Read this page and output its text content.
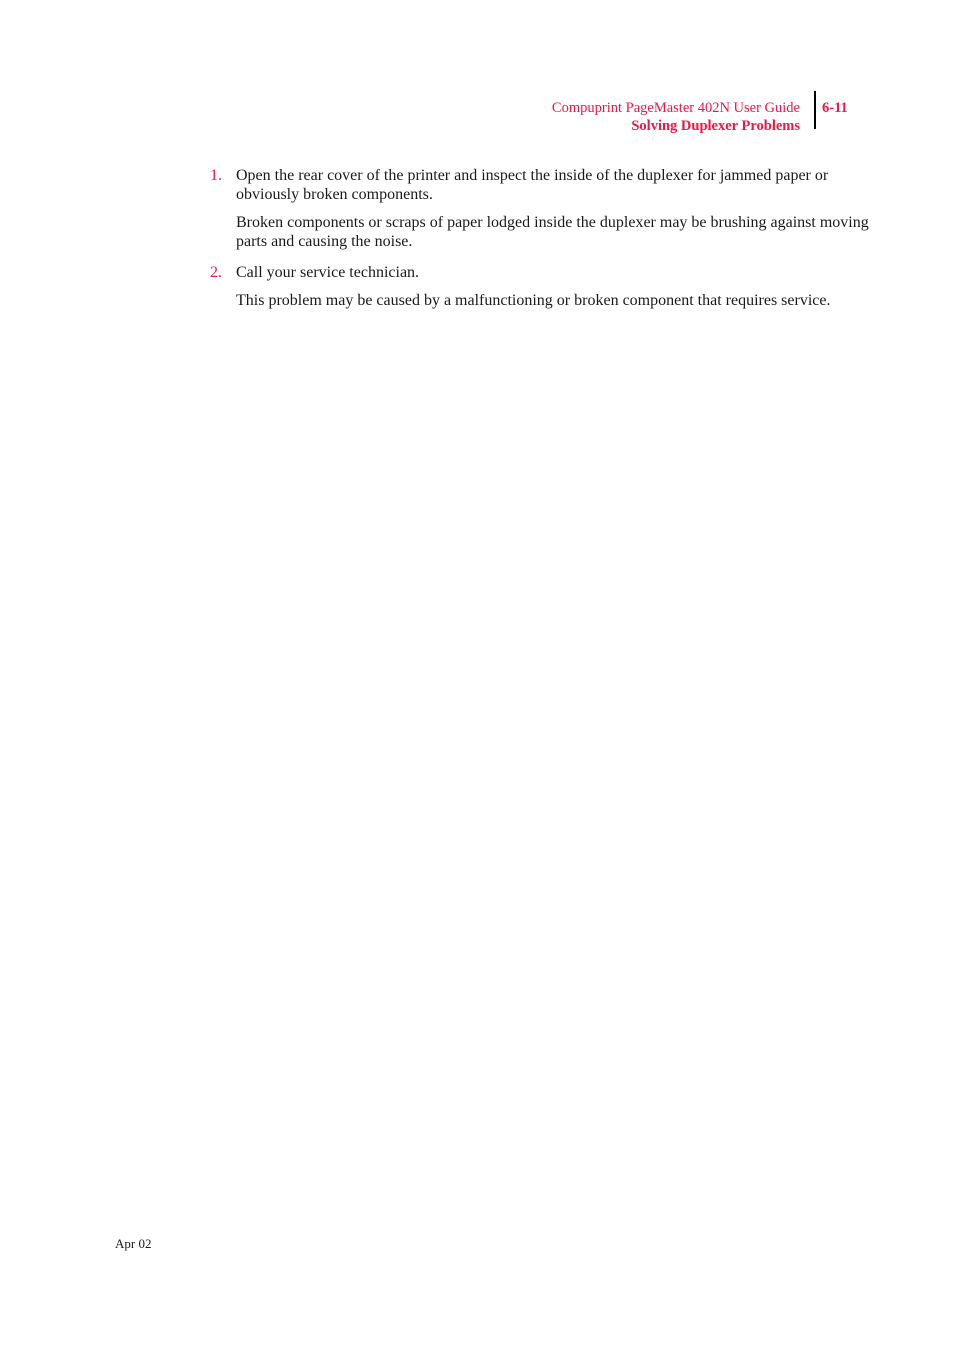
Compuprint PageMaster 402N User Guide
Solving Duplexer Problems
6-11
1. Open the rear cover of the printer and inspect the inside of the duplexer for jammed paper or obviously broken components.

Broken components or scraps of paper lodged inside the duplexer may be brushing against moving parts and causing the noise.

2. Call your service technician.

This problem may be caused by a malfunctioning or broken component that requires service.

Apr 02
